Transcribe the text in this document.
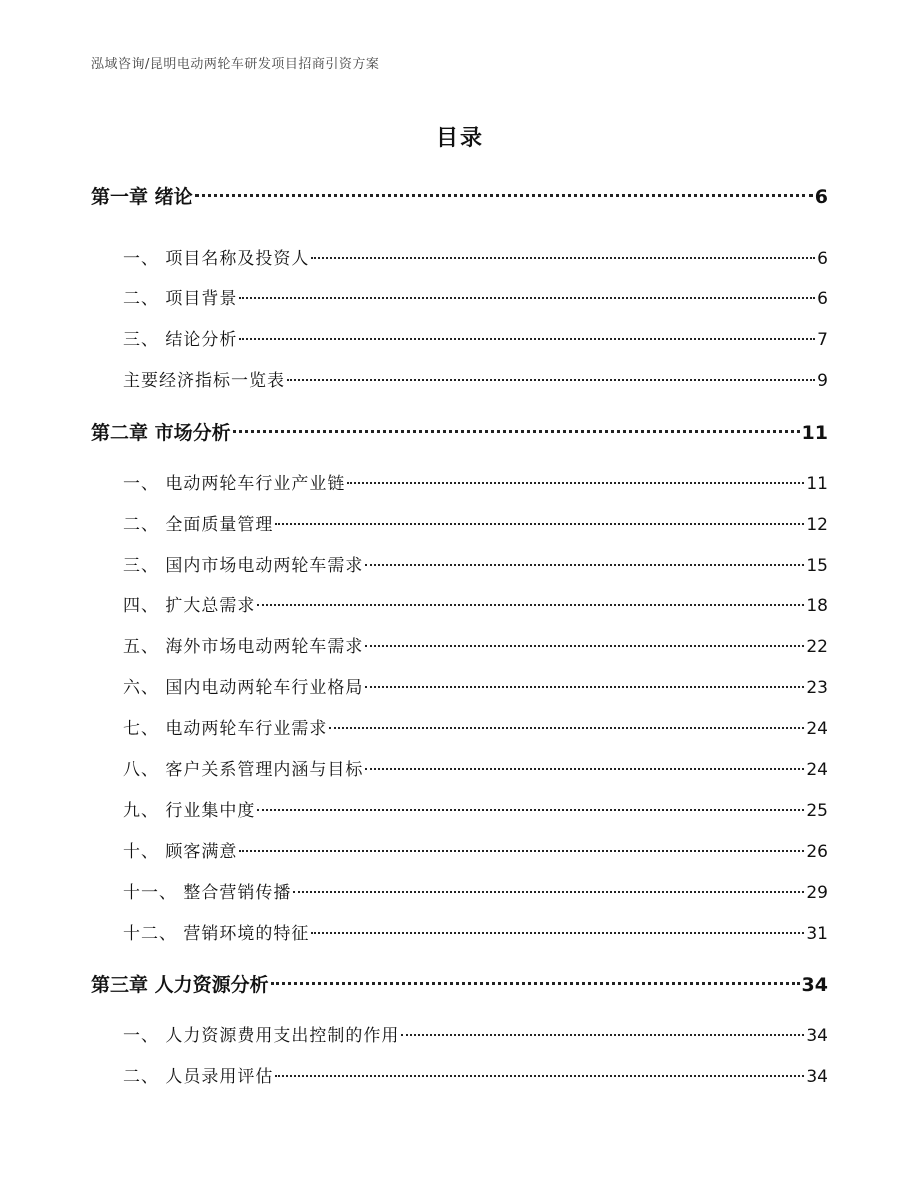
泓域咨询/昆明电动两轮车研发项目招商引资方案
目录
第一章 绪论	6
一、 项目名称及投资人	6
二、 项目背景	6
三、 结论分析	7
主要经济指标一览表	9
第二章 市场分析	11
一、 电动两轮车行业产业链	11
二、 全面质量管理	12
三、 国内市场电动两轮车需求	15
四、 扩大总需求	18
五、 海外市场电动两轮车需求	22
六、 国内电动两轮车行业格局	23
七、 电动两轮车行业需求	24
八、 客户关系管理内涵与目标	24
九、 行业集中度	25
十、 顾客满意	26
十一、 整合营销传播	29
十二、 营销环境的特征	31
第三章 人力资源分析	34
一、 人力资源费用支出控制的作用	34
二、 人员录用评估	34
